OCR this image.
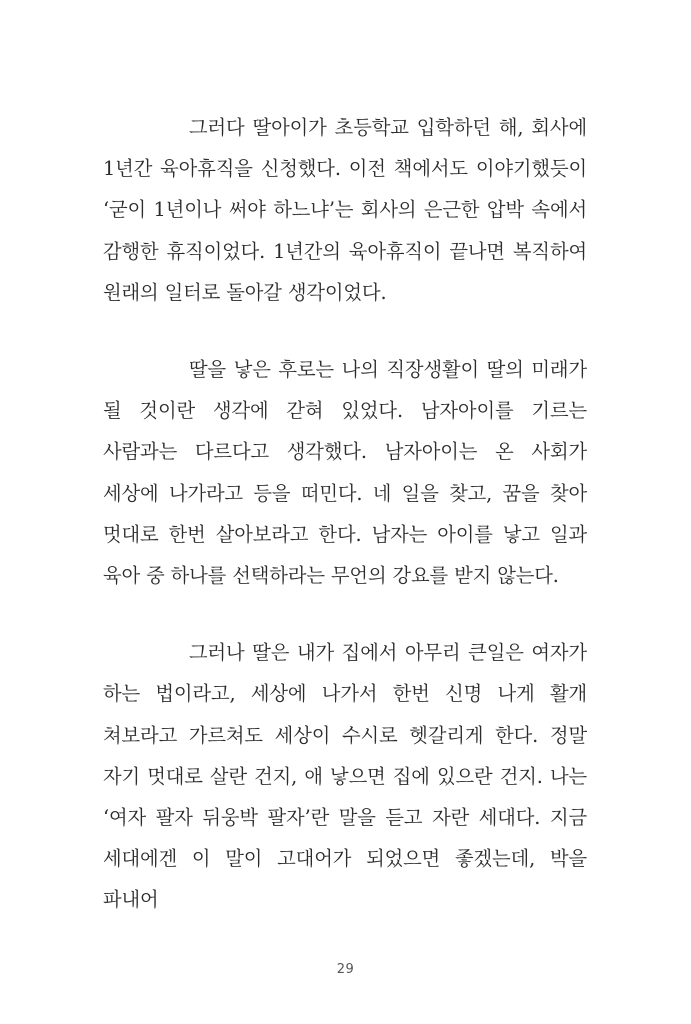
그러다 딸아이가 초등학교 입학하던 해, 회사에 1년간 육아휴직을 신청했다. 이전 책에서도 이야기했듯이 ‘굳이 1년이나 써야 하느냐’는 회사의 은근한 압박 속에서 감행한 휴직이었다. 1년간의 육아휴직이 끝나면 복직하여 원래의 일터로 돌아갈 생각이었다.

딸을 낳은 후로는 나의 직장생활이 딸의 미래가 될 것이란 생각에 갇혀 있었다. 남자아이를 기르는 사람과는 다르다고 생각했다. 남자아이는 온 사회가 세상에 나가라고 등을 떠민다. 네 일을 찾고, 꿈을 찾아 멋대로 한번 살아보라고 한다. 남자는 아이를 낳고 일과 육아 중 하나를 선택하라는 무언의 강요를 받지 않는다.

그러나 딸은 내가 집에서 아무리 큰일은 여자가 하는 법이라고, 세상에 나가서 한번 신명 나게 활개 쳐보라고 가르쳐도 세상이 수시로 헷갈리게 한다. 정말 자기 멋대로 살란 건지, 애 낳으면 집에 있으란 건지. 나는 ‘여자 팔자 뒤웅박 팔자’란 말을 듣고 자란 세대다. 지금 세대에겐 이 말이 고대어가 되었으면 좋겠는데, 박을 파내어

29
